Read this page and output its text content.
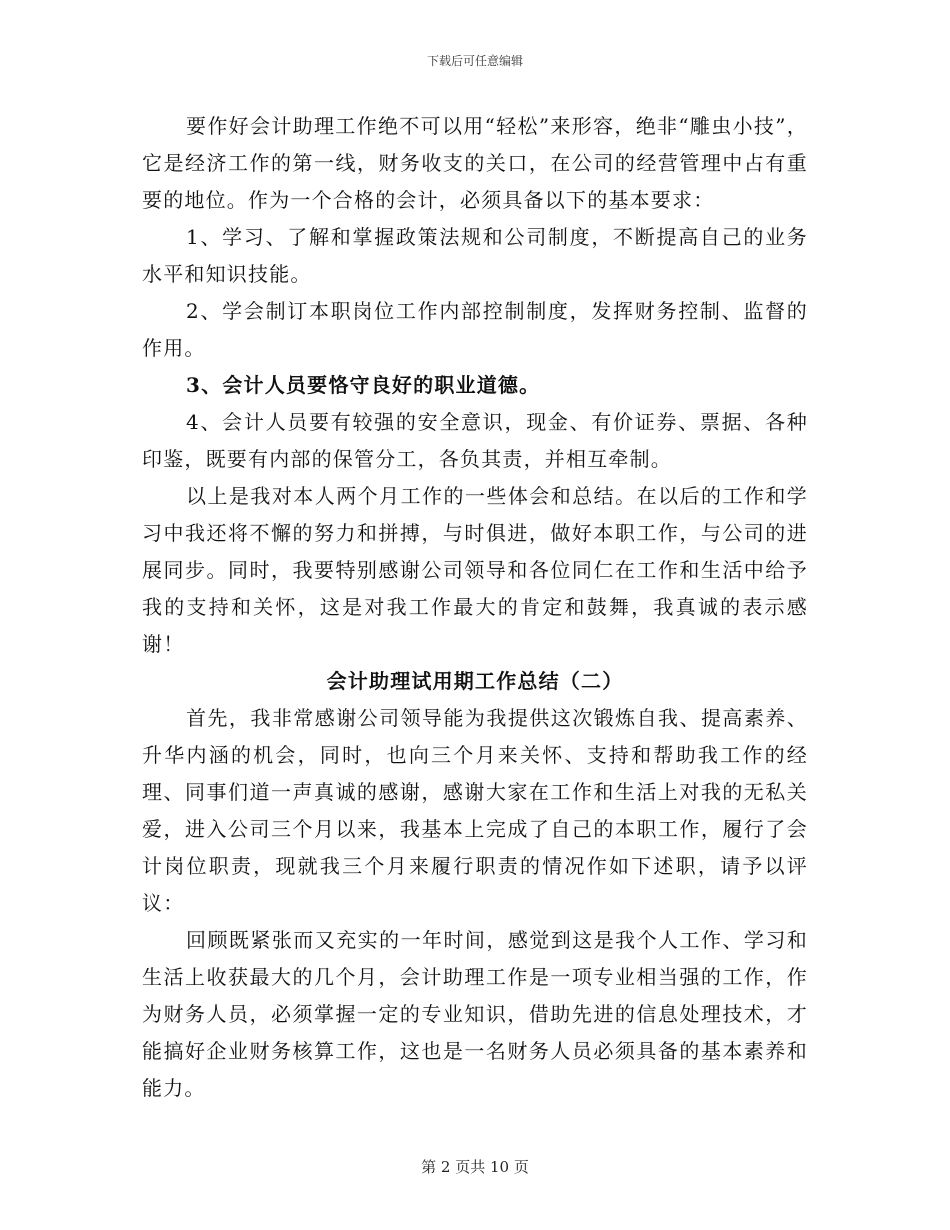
下载后可任意编辑

要作好会计助理工作绝不可以用“轻松”来形容，绝非“雕虫小技”，它是经济工作的第一线，财务收支的关口，在公司的经营管理中占有重要的地位。作为一个合格的会计，必须具备以下的基本要求：

1、学习、了解和掌握政策法规和公司制度，不断提高自己的业务水平和知识技能。

2、学会制订本职岗位工作内部控制制度，发挥财务控制、监督的作用。

3、会计人员要恪守良好的职业道德。

4、会计人员要有较强的安全意识，现金、有价证券、票据、各种印鉴，既要有内部的保管分工，各负其责，并相互牵制。

以上是我对本人两个月工作的一些体会和总结。在以后的工作和学习中我还将不懈的努力和拼搏，与时俱进，做好本职工作，与公司的进展同步。同时，我要特别感谢公司领导和各位同仁在工作和生活中给予我的支持和关怀，这是对我工作最大的肯定和鼓舞，我真诚的表示感谢！

会计助理试用期工作总结（二）

首先，我非常感谢公司领导能为我提供这次锻炼自我、提高素养、升华内涵的机会，同时，也向三个月来关怀、支持和帮助我工作的经理、同事们道一声真诚的感谢，感谢大家在工作和生活上对我的无私关爱，进入公司三个月以来，我基本上完成了自己的本职工作，履行了会计岗位职责，现就我三个月来履行职责的情况作如下述职，请予以评议：

回顾既紧张而又充实的一年时间，感觉到这是我个人工作、学习和生活上收获最大的几个月，会计助理工作是一项专业相当强的工作，作为财务人员，必须掌握一定的专业知识，借助先进的信息处理技术，才能搞好企业财务核算工作，这也是一名财务人员必须具备的基本素养和能力。

第 2 页共 10 页
